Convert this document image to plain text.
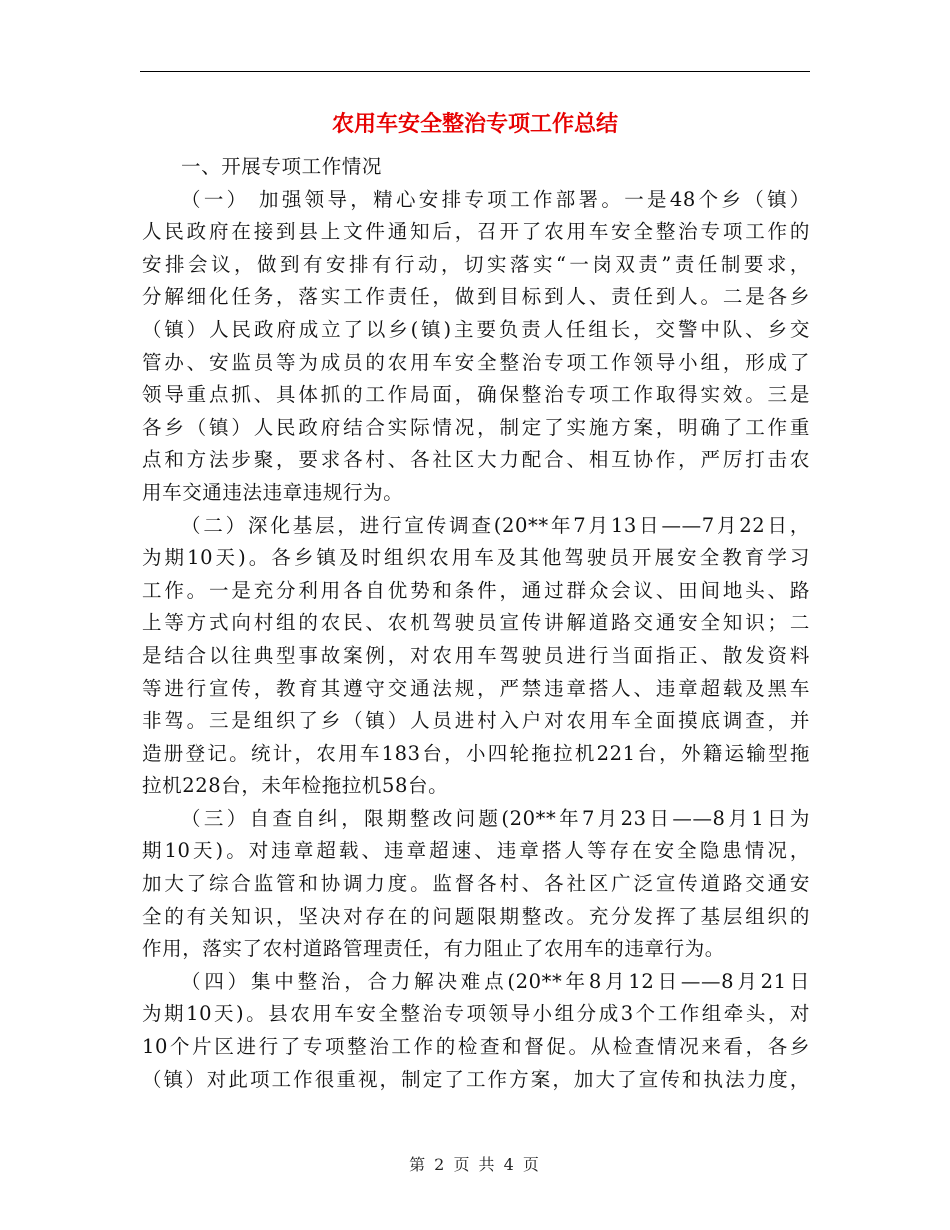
农用车安全整治专项工作总结
一、开展专项工作情况
（一） 加强领导，精心安排专项工作部署。一是48个乡（镇）
人民政府在接到县上文件通知后，召开了农用车安全整治专项工作的
安排会议，做到有安排有行动，切实落实“一岗双责”责任制要求，
分解细化任务，落实工作责任，做到目标到人、责任到人。二是各乡
（镇）人民政府成立了以乡(镇)主要负责人任组长，交警中队、乡交
管办、安监员等为成员的农用车安全整治专项工作领导小组，形成了
领导重点抓、具体抓的工作局面，确保整治专项工作取得实效。三是
各乡（镇）人民政府结合实际情况，制定了实施方案，明确了工作重
点和方法步聚，要求各村、各社区大力配合、相互协作，严厉打击农
用车交通违法违章违规行为。
（二）深化基层，进行宣传调查(20**年7月13日——7月22日，
为期10天)。各乡镇及时组织农用车及其他驾驶员开展安全教育学习
工作。一是充分利用各自优势和条件，通过群众会议、田间地头、路
上等方式向村组的农民、农机驾驶员宣传讲解道路交通安全知识；二
是结合以往典型事故案例，对农用车驾驶员进行当面指正、散发资料
等进行宣传，教育其遵守交通法规，严禁违章搭人、违章超载及黑车
非驾。三是组织了乡（镇）人员进村入户对农用车全面摸底调查，并
造册登记。统计，农用车183台，小四轮拖拉机221台，外籍运输型拖
拉机228台，未年检拖拉机58台。
（三）自查自纠，限期整改问题(20**年7月23日——8月1日为
期10天)。对违章超载、违章超速、违章搭人等存在安全隐患情况，
加大了综合监管和协调力度。监督各村、各社区广泛宣传道路交通安
全的有关知识，坚决对存在的问题限期整改。充分发挥了基层组织的
作用，落实了农村道路管理责任，有力阻止了农用车的违章行为。
（四）集中整治，合力解决难点(20**年8月12日——8月21日
为期10天)。县农用车安全整治专项领导小组分成3个工作组牵头，对
10个片区进行了专项整治工作的检查和督促。从检查情况来看，各乡
（镇）对此项工作很重视，制定了工作方案，加大了宣传和执法力度，
第 2 页 共 4 页
